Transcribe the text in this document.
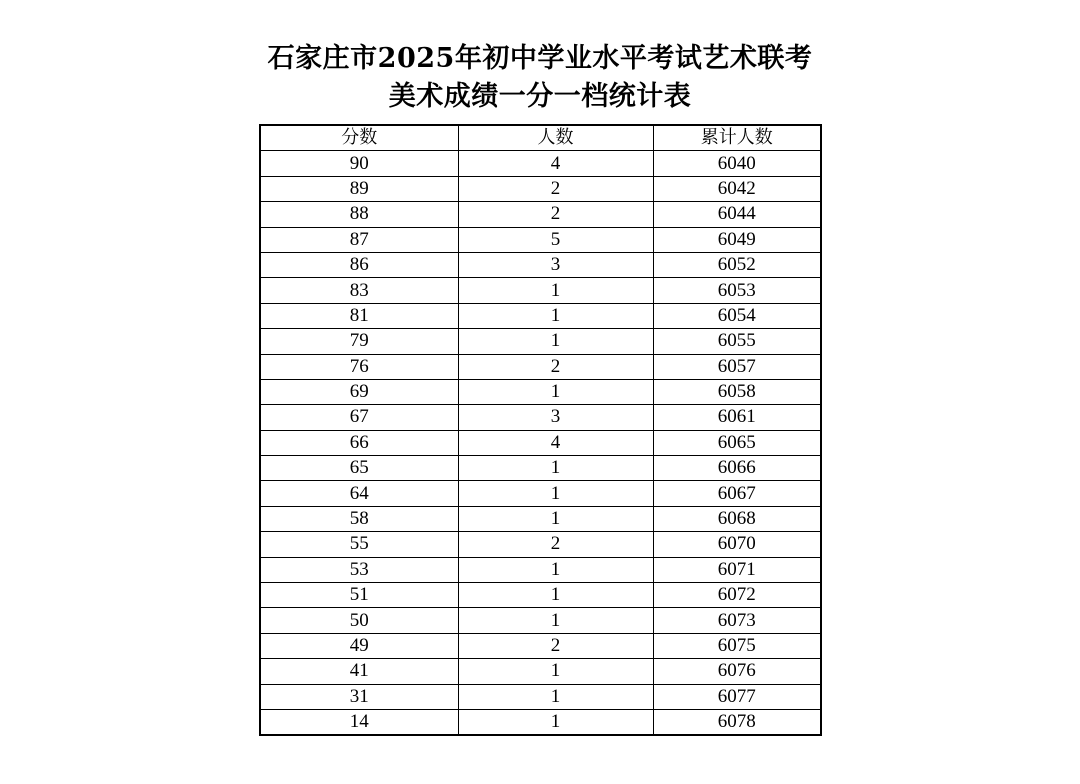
石家庄市2025年初中学业水平考试艺术联考
美术成绩一分一档统计表
分数	人数	累计人数
90	4	6040
89	2	6042
88	2	6044
87	5	6049
86	3	6052
83	1	6053
81	1	6054
79	1	6055
76	2	6057
69	1	6058
67	3	6061
66	4	6065
65	1	6066
64	1	6067
58	1	6068
55	2	6070
53	1	6071
51	1	6072
50	1	6073
49	2	6075
41	1	6076
31	1	6077
14	1	6078
